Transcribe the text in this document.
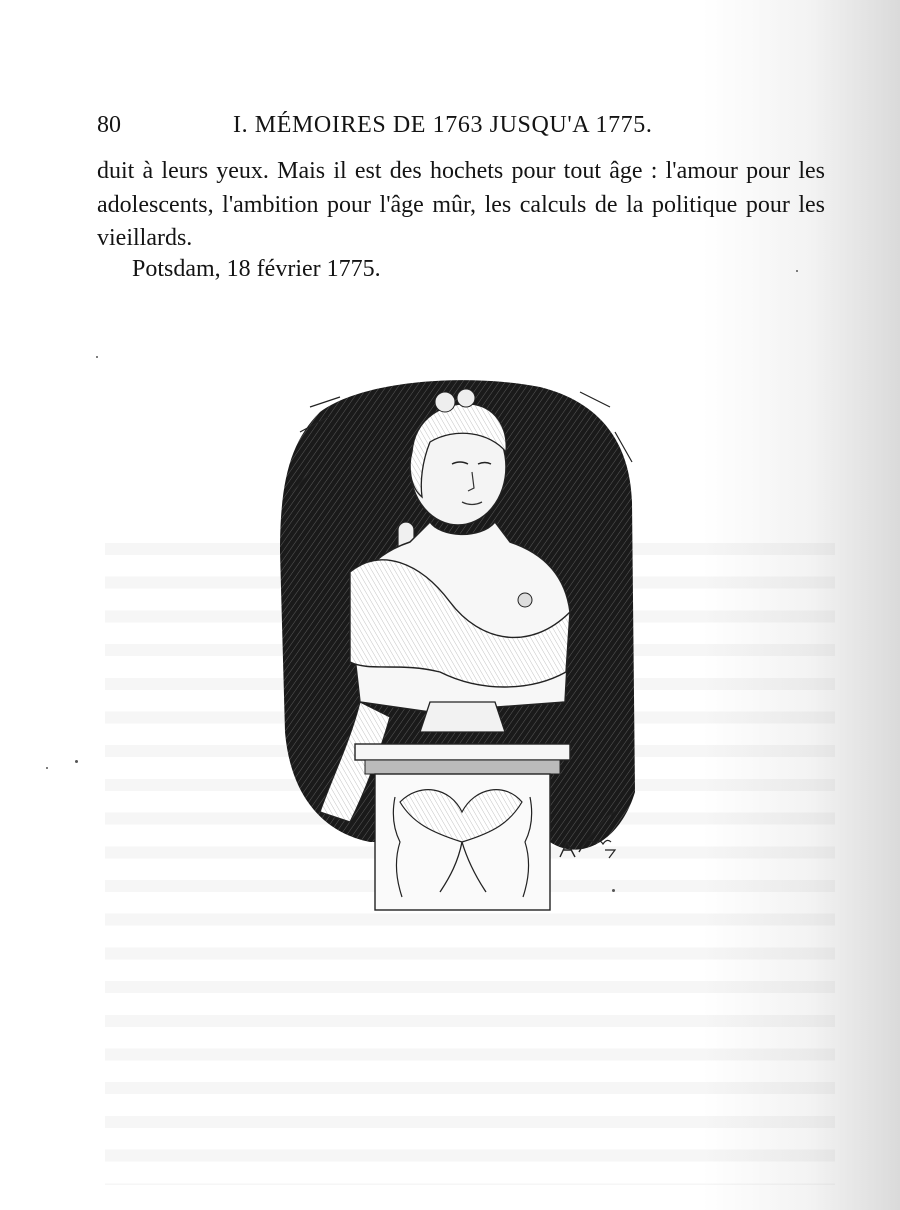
80	I. MÉMOIRES DE 1763 JUSQU'A 1775.

duit à leurs yeux. Mais il est des hochets pour tout âge : l'amour pour les adolescents, l'ambition pour l'âge mûr, les calculs de la politique pour les vieillards.

Potsdam, 18 février 1775.
